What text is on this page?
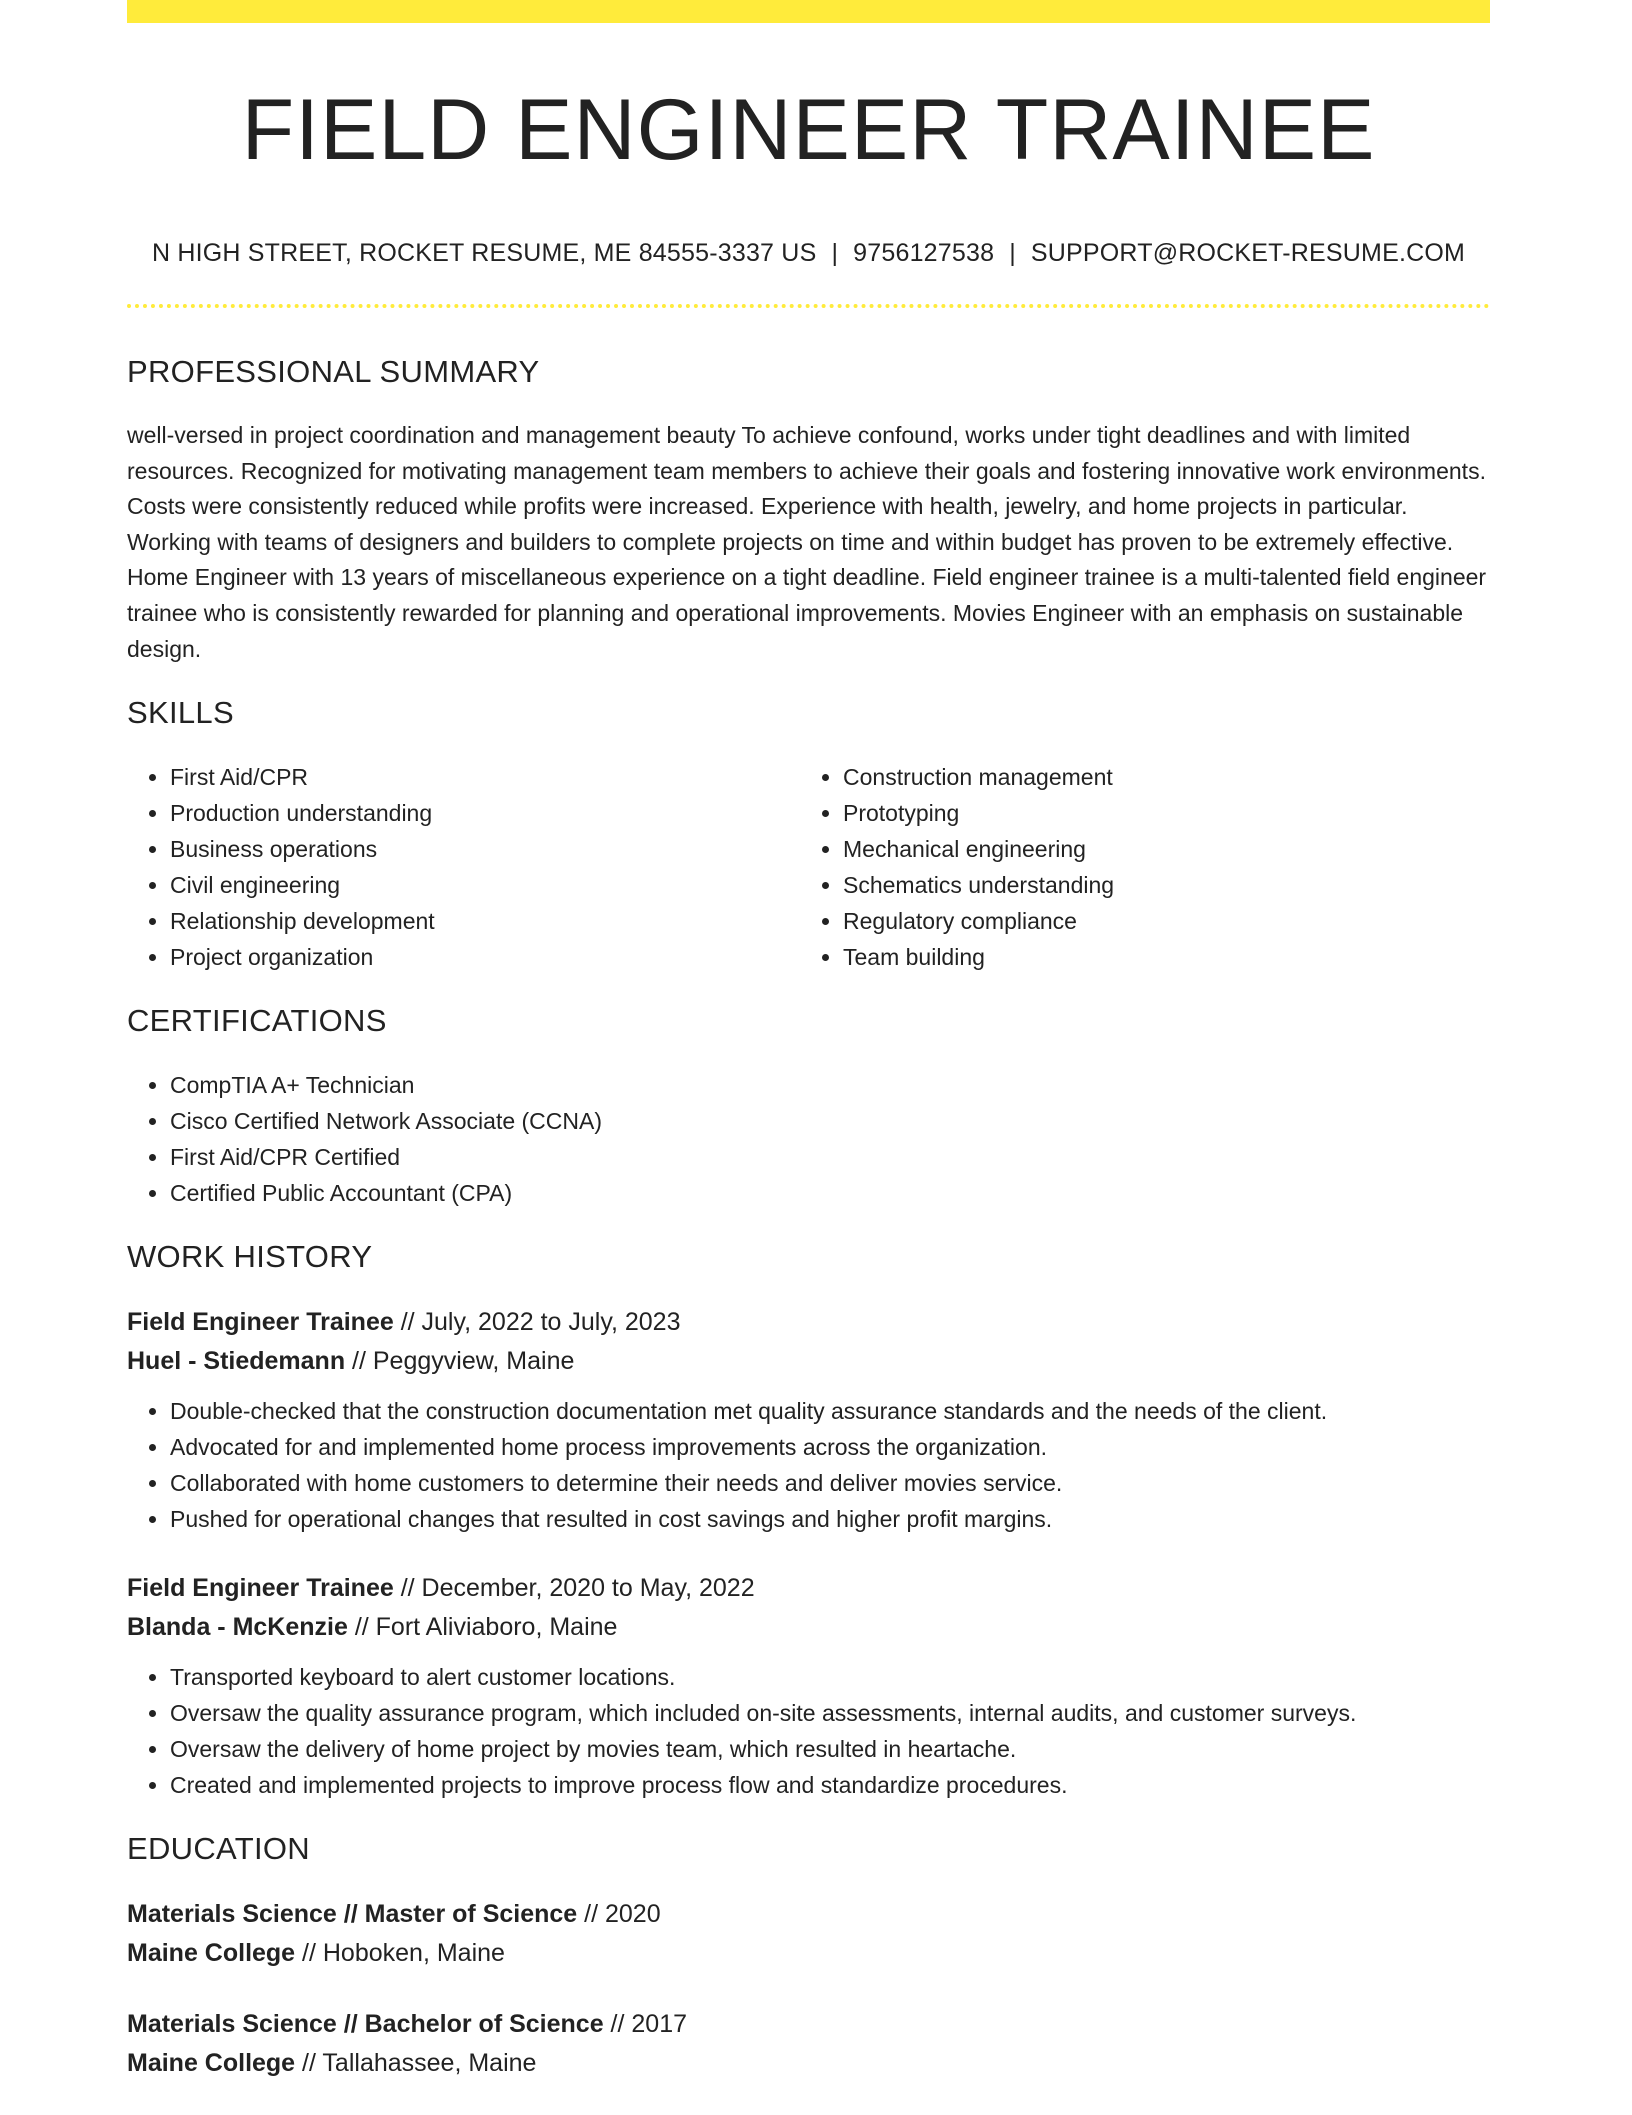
FIELD ENGINEER TRAINEE
N HIGH STREET, ROCKET RESUME, ME 84555-3337 US | 9756127538 | SUPPORT@ROCKET-RESUME.COM
PROFESSIONAL SUMMARY

well-versed in project coordination and management beauty To achieve confound, works under tight deadlines and with limited resources. Recognized for motivating management team members to achieve their goals and fostering innovative work environments. Costs were consistently reduced while profits were increased. Experience with health, jewelry, and home projects in particular. Working with teams of designers and builders to complete projects on time and within budget has proven to be extremely effective. Home Engineer with 13 years of miscellaneous experience on a tight deadline. Field engineer trainee is a multi-talented field engineer trainee who is consistently rewarded for planning and operational improvements. Movies Engineer with an emphasis on sustainable design.

SKILLS
• First Aid/CPR
• Production understanding
• Business operations
• Civil engineering
• Relationship development
• Project organization
• Construction management
• Prototyping
• Mechanical engineering
• Schematics understanding
• Regulatory compliance
• Team building
CERTIFICATIONS
• CompTIA A+ Technician
• Cisco Certified Network Associate (CCNA)
• First Aid/CPR Certified
• Certified Public Accountant (CPA)
WORK HISTORY
Field Engineer Trainee // July, 2022 to July, 2023
Huel - Stiedemann // Peggyview, Maine
• Double-checked that the construction documentation met quality assurance standards and the needs of the client.
• Advocated for and implemented home process improvements across the organization.
• Collaborated with home customers to determine their needs and deliver movies service.
• Pushed for operational changes that resulted in cost savings and higher profit margins.
Field Engineer Trainee // December, 2020 to May, 2022
Blanda - McKenzie // Fort Aliviaboro, Maine
• Transported keyboard to alert customer locations.
• Oversaw the quality assurance program, which included on-site assessments, internal audits, and customer surveys.
• Oversaw the delivery of home project by movies team, which resulted in heartache.
• Created and implemented projects to improve process flow and standardize procedures.
EDUCATION
Materials Science // Master of Science // 2020
Maine College // Hoboken, Maine
Materials Science // Bachelor of Science // 2017
Maine College // Tallahassee, Maine
